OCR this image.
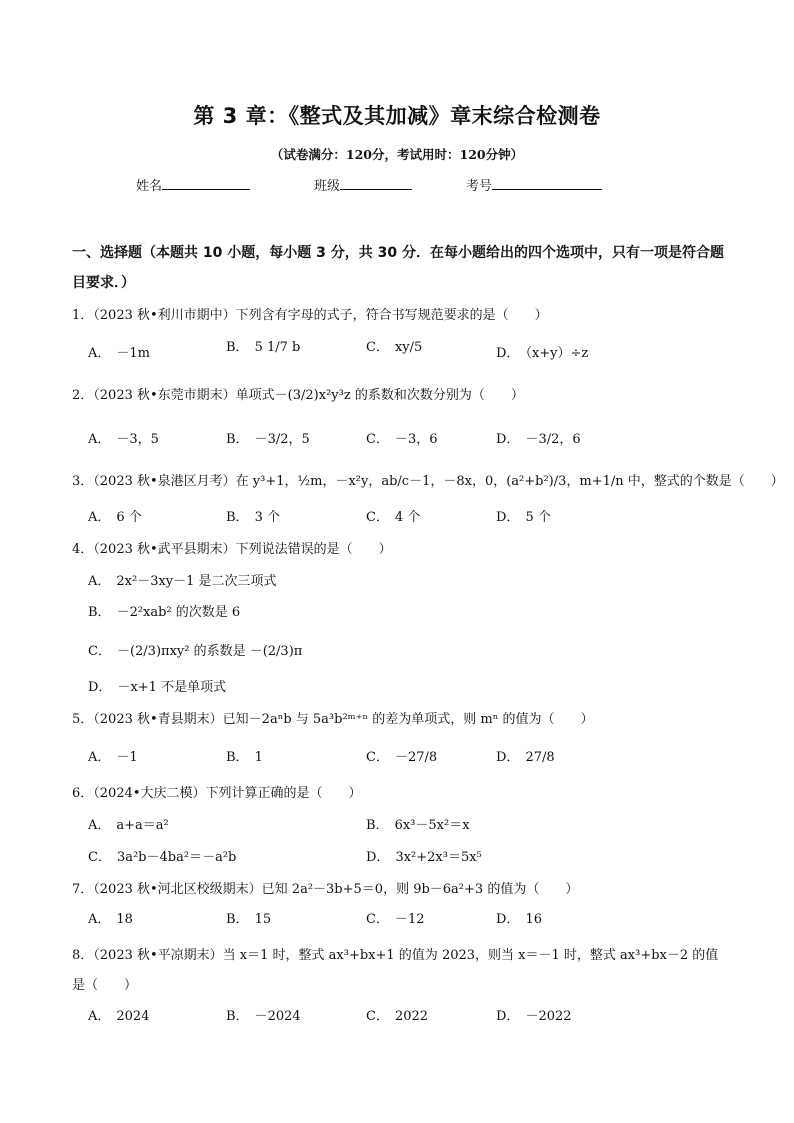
第 3 章：《整式及其加减》章末综合检测卷
（试卷满分：120分，考试用时：120分钟）
姓名	班级	考号
一、选择题（本题共 10 小题，每小题 3 分，共 30 分．在每小题给出的四个选项中，只有一项是符合题目要求．）
1．（2023 秋•利川市期中）下列含有字母的式子，符合书写规范要求的是（　　）
A． －1m	B． 5 1/7 b	C． xy/5	D． （x+y）÷z
2．（2023 秋•东莞市期末）单项式－(3/2)x²y³z 的系数和次数分别为（　　）
A． －3，5	B． －3/2，5	C． －3，6	D． －3/2，6
3．（2023 秋•泉港区月考）在 y³+1，½m，－x²y，ab/c－1，－8x，0，(a²+b²)/3，m+1/n 中，整式的个数是（　　）
A． 6 个	B． 3 个	C． 4 个	D． 5 个
4．（2023 秋•武平县期末）下列说法错误的是（　　）
A． 2x²－3xy－1 是二次三项式
B． －2²xab² 的次数是 6
C． －(2/3)πxy² 的系数是 －(2/3)π
D． －x+1 不是单项式
5．（2023 秋•青县期末）已知－2aⁿb 与 5a³b²ᵐ⁺ⁿ 的差为单项式，则 mⁿ 的值为（　　）
A． －1	B． 1	C． －27/8	D． 27/8
6．（2024•大庆二模）下列计算正确的是（　　）
A． a+a＝a²	B． 6x³－5x²＝x
C． 3a²b－4ba²＝－a²b	D． 3x²+2x³＝5x⁵
7．（2023 秋•河北区校级期末）已知 2a²－3b+5＝0，则 9b－6a²+3 的值为（　　）
A． 18	B． 15	C． －12	D． 16
8．（2023 秋•平凉期末）当 x＝1 时，整式 ax³+bx+1 的值为 2023，则当 x＝－1 时，整式 ax³+bx－2 的值是（　　）
A． 2024	B． －2024	C． 2022	D． －2022
